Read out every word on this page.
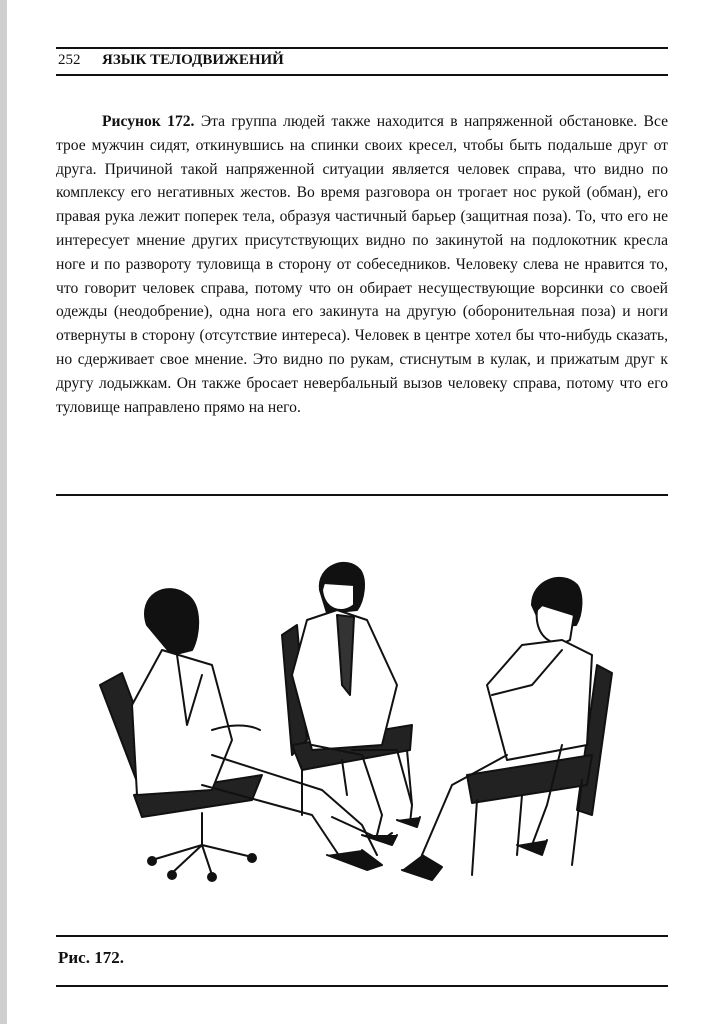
252 ЯЗЫК ТЕЛОДВИЖЕНИЙ
Рисунок 172. Эта группа людей также находится в напряженной обстановке. Все трое мужчин сидят, откинувшись на спинки своих кресел, чтобы быть подальше друг от друга. Причиной такой напряженной ситуации является человек справа, что видно по комплексу его негативных жестов. Во время разговора он трогает нос рукой (обман), его правая рука лежит поперек тела, образуя частичный барьер (защитная поза). То, что его не интересует мнение других присутствующих видно по закинутой на подлокотник кресла ноге и по развороту туловища в сторону от собеседников. Человеку слева не нравится то, что говорит человек справа, потому что он обирает несуществующие ворсинки со своей одежды (неодобрение), одна нога его закинута на другую (оборонительная поза) и ноги отвернуты в сторону (отсутствие интереса). Человек в центре хотел бы что-нибудь сказать, но сдерживает свое мнение. Это видно по рукам, стиснутым в кулак, и прижатым друг к другу лодыжкам. Он также бросает невербальный вызов человеку справа, потому что его туловище направлено прямо на него.
Рис. 172.
